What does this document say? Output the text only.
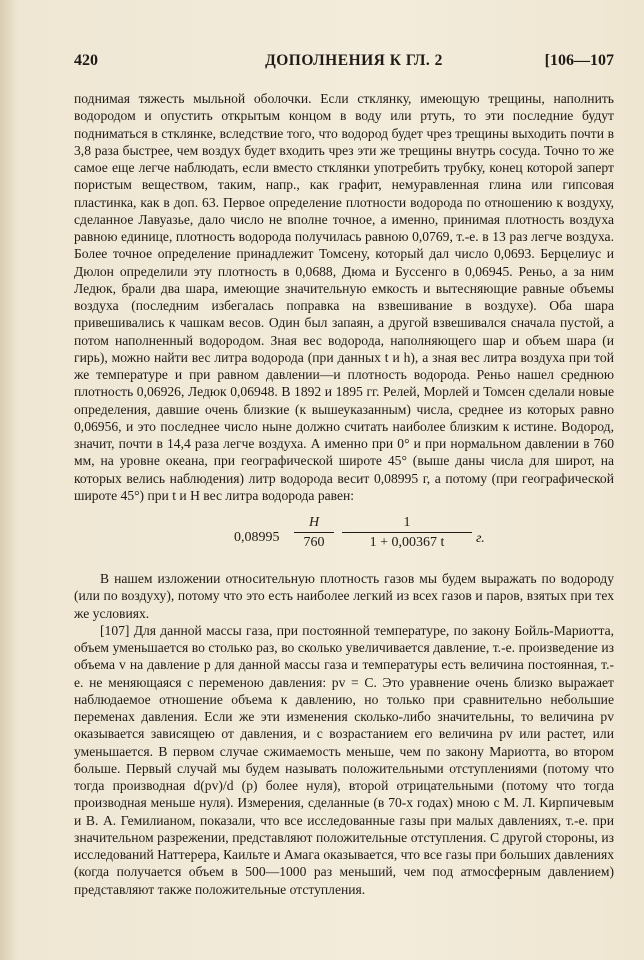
420	ДОПОЛНЕНИЯ К ГЛ. 2	[106—107

поднимая тяжесть мыльной оболочки. Если стклянку, имеющую трещины, наполнить водородом и опустить открытым концом в воду или ртуть, то эти последние будут подниматься в стклянке, вследствие того, что водород будет чрез трещины выходить почти в 3,8 раза быстрее, чем воздух будет входить чрез эти же трещины внутрь сосуда. Точно то же самое еще легче наблюдать, если вместо стклянки употребить трубку, конец которой заперт пористым веществом, таким, напр., как графит, немуравленная глина или гипсовая пластинка, как в доп. 63. Первое определение плотности водорода по отношению к воздуху, сделанное Лавуазье, дало число не вполне точное, а именно, принимая плотность воздуха равною единице, плотность водорода получилась равною 0,0769, т.-е. в 13 раз легче воздуха. Более точное определение принадлежит Томсену, который дал число 0,0693. Берцелиус и Дюлон определили эту плотность в 0,0688, Дюма и Буссенго в 0,06945. Реньо, а за ним Ледюк, брали два шара, имеющие значительную емкость и вытесняющие равные объемы воздуха (последним избегалась поправка на взвешивание в воздухе). Оба шара привешивались к чашкам весов. Один был запаян, а другой взвешивался сначала пустой, а потом наполненный водородом. Зная вес водорода, наполняющего шар и объем шара (и гирь), можно найти вес литра водорода (при данных t и h), а зная вес литра воздуха при той же температуре и при равном давлении—и плотность водорода. Реньо нашел среднюю плотность 0,06926, Ледюк 0,06948. В 1892 и 1895 гг. Релей, Морлей и Томсен сделали новые определения, давшие очень близкие (к вышеуказанным) числа, среднее из которых равно 0,06956, и это последнее число ныне должно считать наиболее близким к истине. Водород, значит, почти в 14,4 раза легче воздуха. А именно при 0° и при нормальном давлении в 760 мм, на уровне океана, при географической широте 45° (выше даны числа для широт, на которых велись наблюдения) литр водорода весит 0,08995 г, а потому (при географической широте 45°) при t и H вес литра водорода равен:

$0,08995 \frac{H}{760} \frac{1}{1 + 0,00367 t} г$.

В нашем изложении относительную плотность газов мы будем выражать по водороду (или по воздуху), потому что это есть наиболее легкий из всех газов и паров, взятых при тех же условиях.

[107] Для данной массы газа, при постоянной температуре, по закону Бойль-Мариотта, объем уменьшается во столько раз, во сколько увеличивается давление, т.-е. произведение из объема v на давление p для данной массы газа и температуры есть величина постоянная, т.-е. не меняющаяся с переменою давления: pv = C. Это уравнение очень близко выражает наблюдаемое отношение объема к давлению, но только при сравнительно небольшие переменах давления. Если же эти изменения сколько-либо значительны, то величина pv оказывается зависящею от давления, и с возрастанием его величина pv или растет, или уменьшается. В первом случае сжимаемость меньше, чем по закону Мариотта, во втором больше. Первый случай мы будем называть положительными отступлениями (потому что тогда производная d(pv)/d (p) более нуля), второй отрицательными (потому что тогда производная меньше нуля). Измерения, сделанные (в 70-х годах) мною с М. Л. Кирпичевым и В. А. Гемилианом, показали, что все исследованные газы при малых давлениях, т.-е. при значительном разрежении, представляют положительные отступления. С другой стороны, из исследований Наттерера, Каильте и Амага оказывается, что все газы при больших давлениях (когда получается объем в 500—1000 раз меньший, чем под атмосферным давлением) представляют также положительные отступления.
